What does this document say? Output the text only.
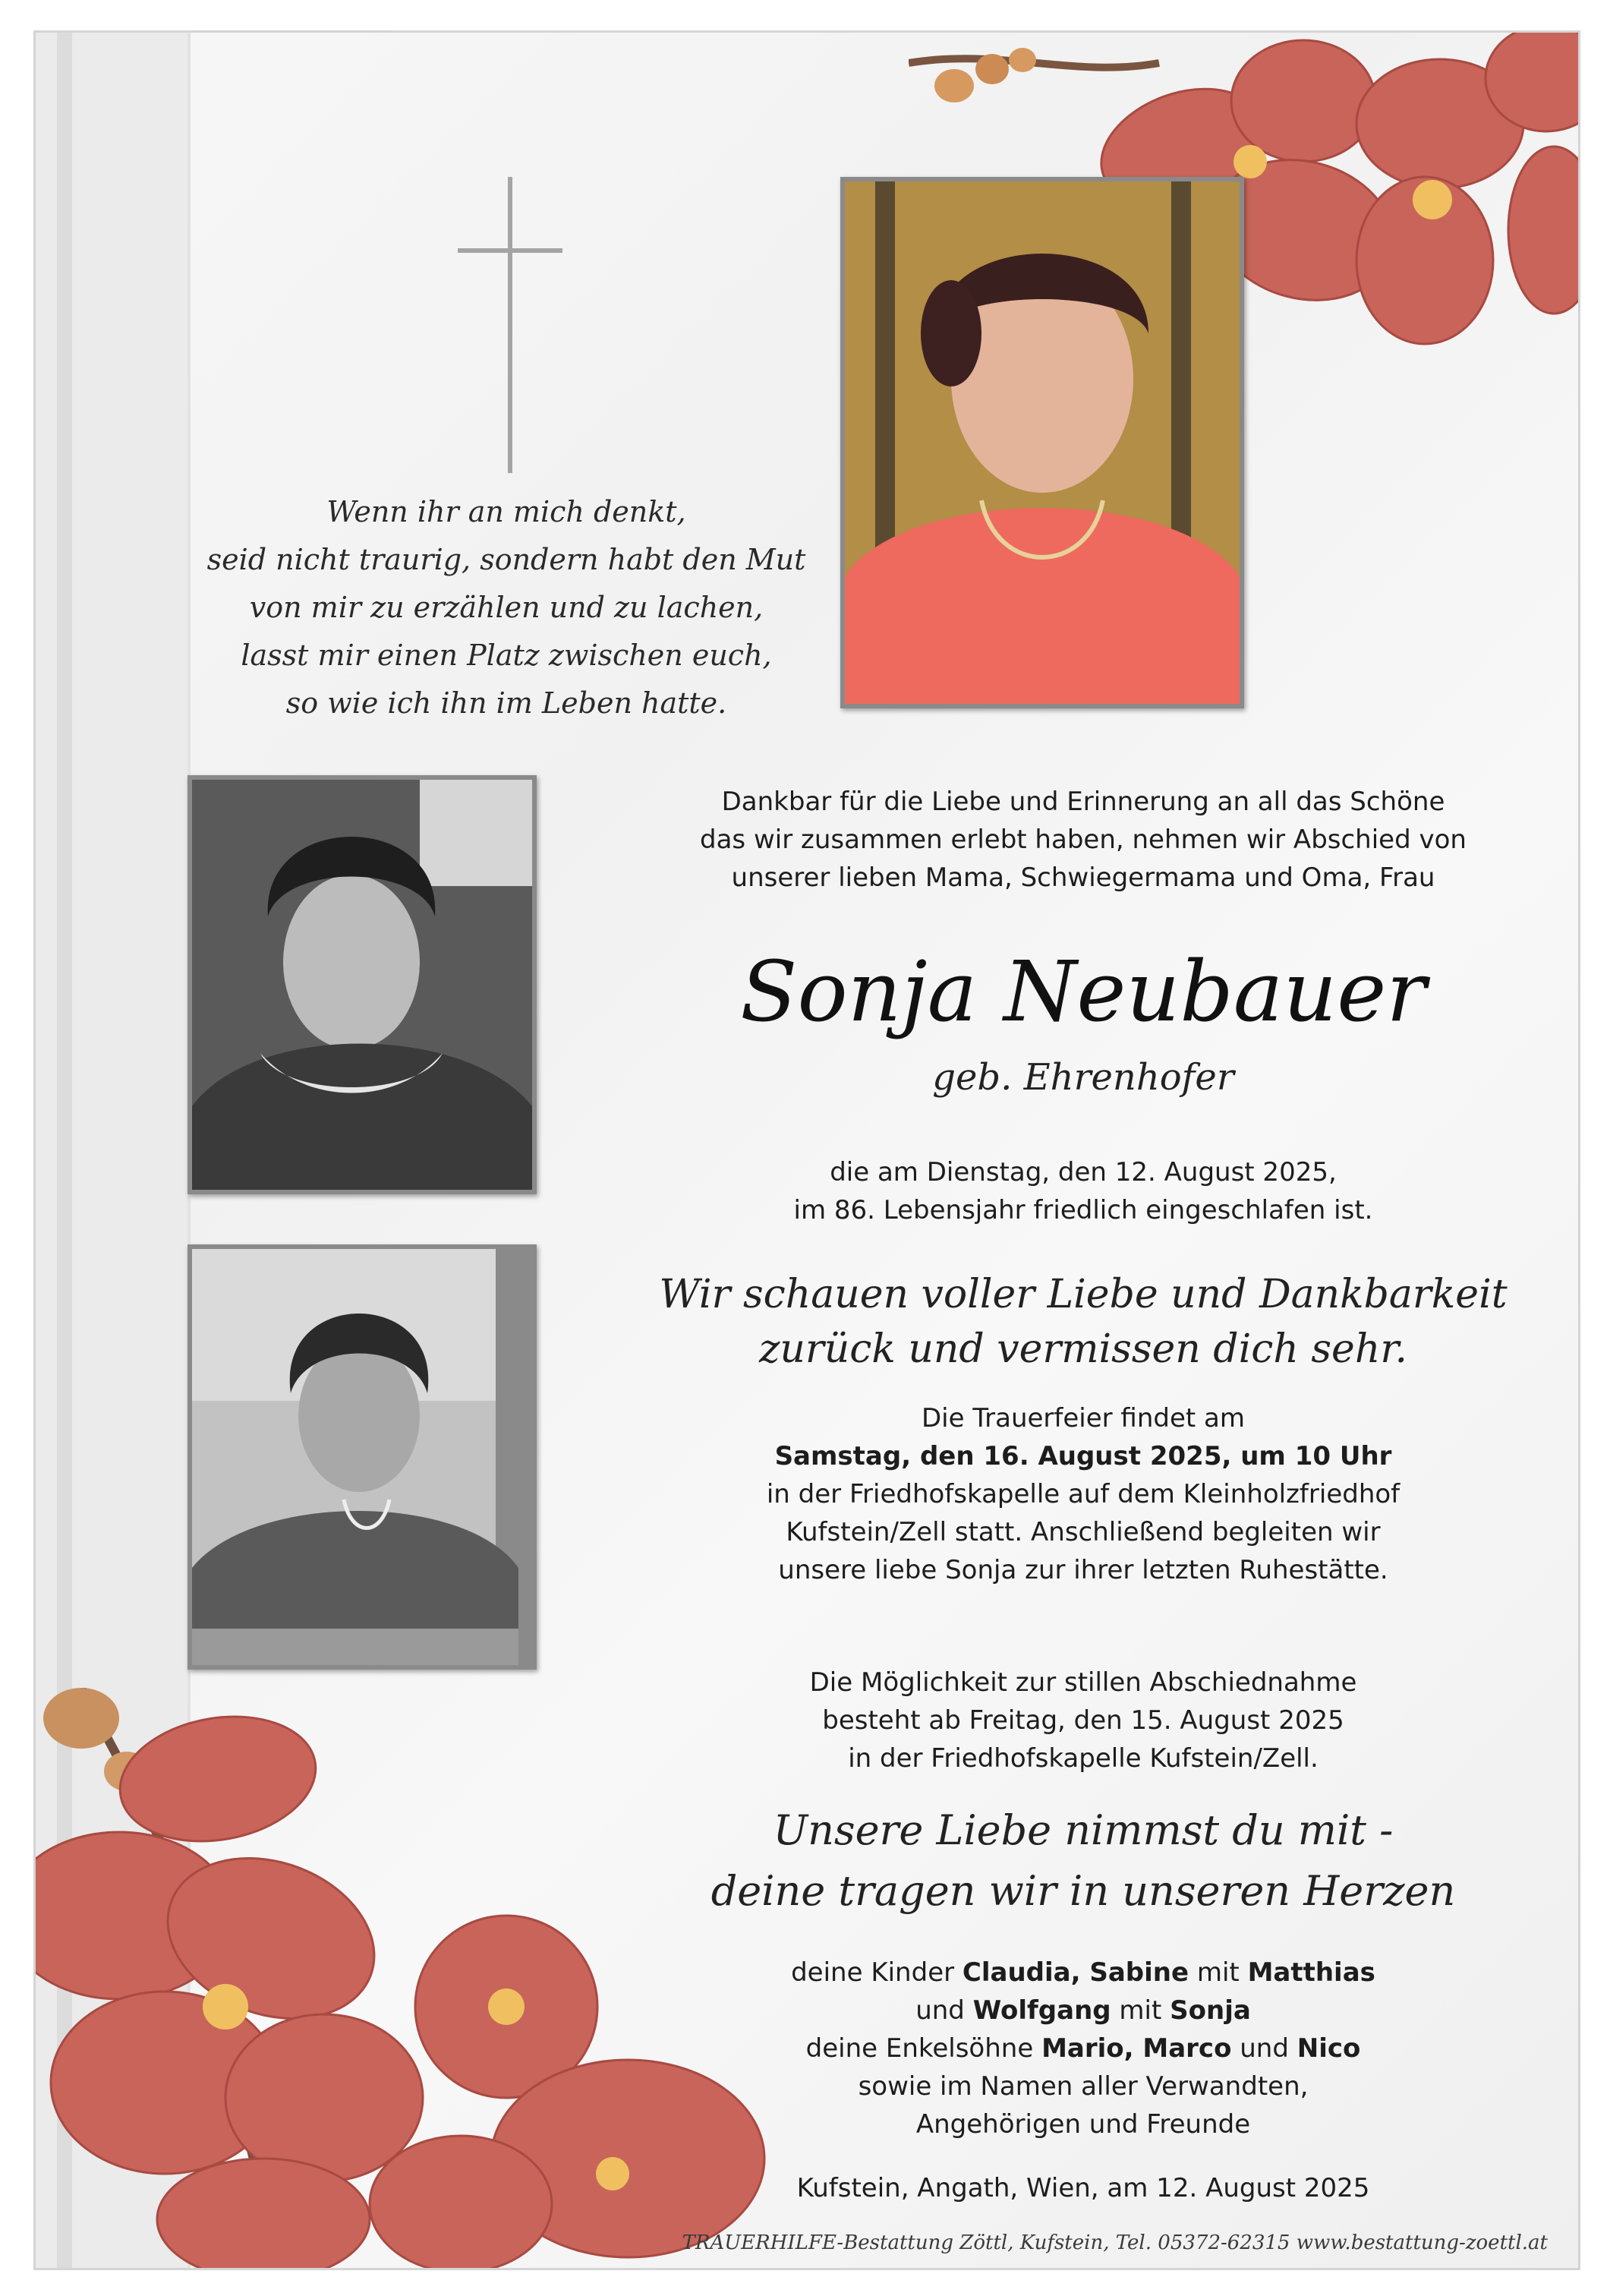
Wenn ihr an mich denkt,
seid nicht traurig, sondern habt den Mut
von mir zu erzählen und zu lachen,
lasst mir einen Platz zwischen euch,
so wie ich ihn im Leben hatte.
Dankbar für die Liebe und Erinnerung an all das Schöne
das wir zusammen erlebt haben, nehmen wir Abschied von
unserer lieben Mama, Schwiegermama und Oma, Frau
Sonja Neubauer
geb. Ehrenhofer
die am Dienstag, den 12. August 2025,
im 86. Lebensjahr friedlich eingeschlafen ist.
Wir schauen voller Liebe und Dankbarkeit
zurück und vermissen dich sehr.
Die Trauerfeier findet am
Samstag, den 16. August 2025, um 10 Uhr
in der Friedhofskapelle auf dem Kleinholzfriedhof
Kufstein/Zell statt. Anschließend begleiten wir
unsere liebe Sonja zur ihrer letzten Ruhestätte.
Die Möglichkeit zur stillen Abschiednahme
besteht ab Freitag, den 15. August 2025
in der Friedhofskapelle Kufstein/Zell.
Unsere Liebe nimmst du mit -
deine tragen wir in unseren Herzen
deine Kinder Claudia, Sabine mit Matthias
und Wolfgang mit Sonja
deine Enkelsöhne Mario, Marco und Nico
sowie im Namen aller Verwandten,
Angehörigen und Freunde
Kufstein, Angath, Wien, am 12. August 2025
TRAUERHILFE-Bestattung Zöttl, Kufstein, Tel. 05372-62315 www.bestattung-zoettl.at
